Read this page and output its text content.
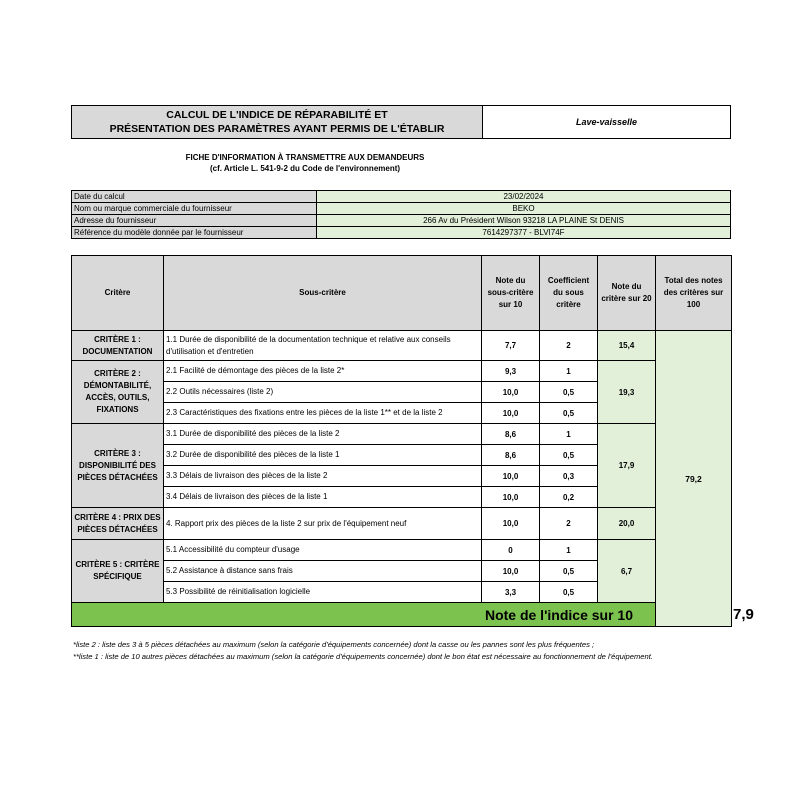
CALCUL DE L'INDICE DE RÉPARABILITÉ ET
PRÉSENTATION DES PARAMÈTRES AYANT PERMIS DE L'ÉTABLIR
Lave-vaisselle
FICHE D'INFORMATION À TRANSMETTRE AUX DEMANDEURS
(cf. Article L. 541-9-2 du Code de l'environnement)
Date du calcul	23/02/2024
Nom ou marque commerciale du fournisseur	BEKO
Adresse du fournisseur	266 Av du Président Wilson 93218 LA PLAINE St DENIS
Référence du modèle donnée par le fournisseur	7614297377 - BLVI74F
Critère	Sous-critère	Note du sous-critère sur 10	Coefficient du sous critère	Note du critère sur 20	Total des notes des critères sur 100	
CRITÈRE 1 : DOCUMENTATION	1.1 Durée de disponibilité de la documentation technique et relative aux conseils d'utilisation et d'entretien	7,7	2	15,4	79,2	
CRITÈRE 2 : DÉMONTABILITÉ, ACCÈS, OUTILS, FIXATIONS	2.1 Facilité de démontage des pièces de la liste 2*	9,3	1	19,3		
	2.2 Outils nécessaires (liste 2)	10,0	0,5			
	2.3 Caractéristiques des fixations entre les pièces de la liste 1** et de la liste 2	10,0	0,5			
CRITÈRE 3 : DISPONIBILITÉ DES PIÈCES DÉTACHÉES	3.1 Durée de disponibilité des pièces de la liste 2	8,6	1	17,9		
	3.2 Durée de disponibilité des pièces de la liste 1	8,6	0,5			
	3.3 Délais de livraison des pièces de la liste 2	10,0	0,3			
	3.4 Délais de livraison des pièces de la liste 1	10,0	0,2			
CRITÈRE 4 : PRIX DES PIÈCES DÉTACHÉES	4. Rapport prix des pièces de la liste 2 sur prix de l'équipement neuf	10,0	2	20,0		
CRITÈRE 5 : CRITÈRE SPÉCIFIQUE	5.1 Accessibilité du compteur d'usage	0	1	6,7		
	5.2 Assistance à distance sans frais	10,0	0,5			
	5.3 Possibilité de réinitialisation logicielle	3,3	0,5			
Note de l'indice sur 10						7,9

*liste 2 : liste des 3 à 5 pièces détachées au maximum (selon la catégorie d'équipements concernée) dont la casse ou les pannes sont les plus fréquentes ;

**liste 1 : liste de 10 autres pièces détachées au maximum (selon la catégorie d'équipements concernée) dont le bon état est nécessaire au fonctionnement de l'équipement.
